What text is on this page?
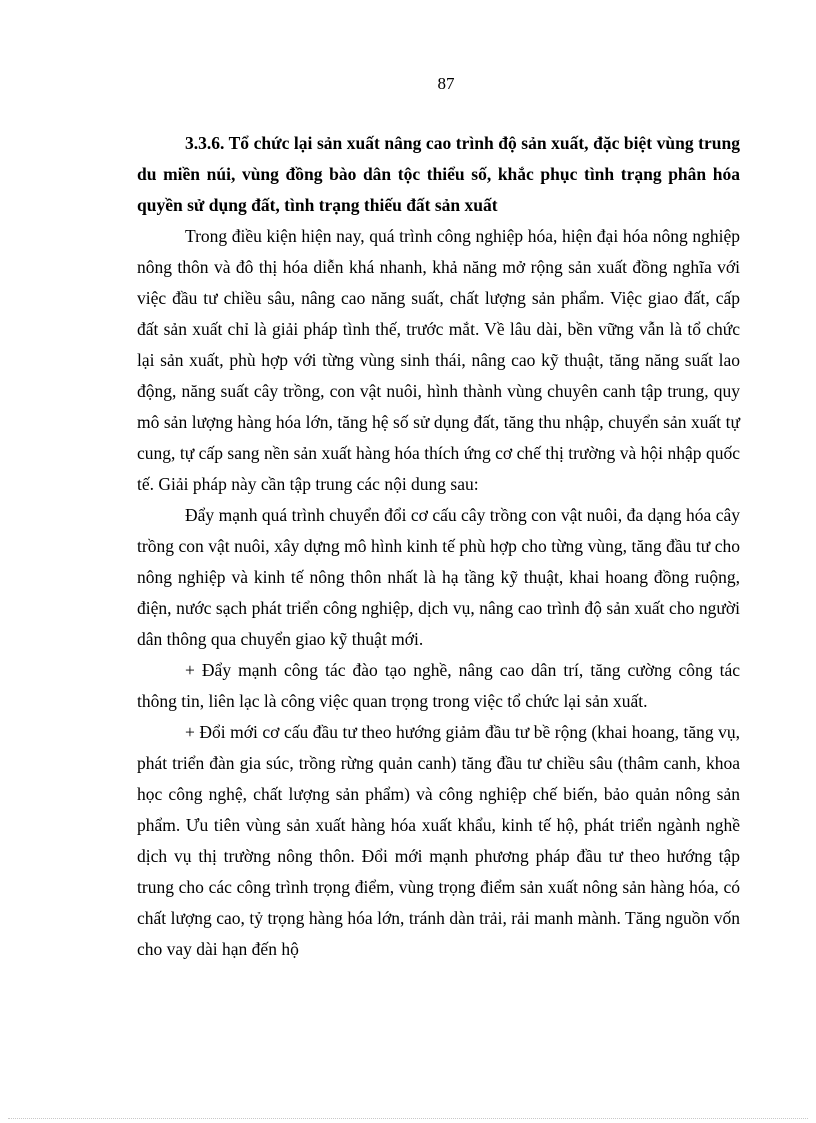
87

3.3.6. Tổ chức lại sản xuất nâng cao trình độ sản xuất, đặc biệt vùng trung du miền núi, vùng đồng bào dân tộc thiểu số, khắc phục tình trạng phân hóa quyền sử dụng đất, tình trạng thiếu đất sản xuất

Trong điều kiện hiện nay, quá trình công nghiệp hóa, hiện đại hóa nông nghiệp nông thôn và đô thị hóa diễn khá nhanh, khả năng mở rộng sản xuất đồng nghĩa với việc đầu tư chiều sâu, nâng cao năng suất, chất lượng sản phẩm. Việc giao đất, cấp đất sản xuất chỉ là giải pháp tình thế, trước mắt. Về lâu dài, bền vững vẫn là tổ chức lại sản xuất, phù hợp với từng vùng sinh thái, nâng cao kỹ thuật, tăng năng suất lao động, năng suất cây trồng, con vật nuôi, hình thành vùng chuyên canh tập trung, quy mô sản lượng hàng hóa lớn, tăng hệ số sử dụng đất, tăng thu nhập, chuyển sản xuất tự cung, tự cấp sang nền sản xuất hàng hóa thích ứng cơ chế thị trường và hội nhập quốc tế. Giải pháp này cần tập trung các nội dung sau:

Đẩy mạnh quá trình chuyển đổi cơ cấu cây trồng con vật nuôi, đa dạng hóa cây trồng con vật nuôi, xây dựng mô hình kinh tế phù hợp cho từng vùng, tăng đầu tư cho nông nghiệp và kinh tế nông thôn nhất là hạ tầng kỹ thuật, khai hoang đồng ruộng, điện, nước sạch phát triển công nghiệp, dịch vụ, nâng cao trình độ sản xuất cho người dân thông qua chuyển giao kỹ thuật mới.

+ Đẩy mạnh công tác đào tạo nghề, nâng cao dân trí, tăng cường công tác thông tin, liên lạc là công việc quan trọng trong việc tổ chức lại sản xuất.

+ Đổi mới cơ cấu đầu tư theo hướng giảm đầu tư bề rộng (khai hoang, tăng vụ, phát triển đàn gia súc, trồng rừng quản canh) tăng đầu tư chiều sâu (thâm canh, khoa học công nghệ, chất lượng sản phẩm) và công nghiệp chế biến, bảo quản nông sản phẩm. Ưu tiên vùng sản xuất hàng hóa xuất khẩu, kinh tế hộ, phát triển ngành nghề dịch vụ thị trường nông thôn. Đổi mới mạnh phương pháp đầu tư theo hướng tập trung cho các công trình trọng điểm, vùng trọng điểm sản xuất nông sản hàng hóa, có chất lượng cao, tỷ trọng hàng hóa lớn, tránh dàn trải, rải manh mành. Tăng nguồn vốn cho vay dài hạn đến hộ
